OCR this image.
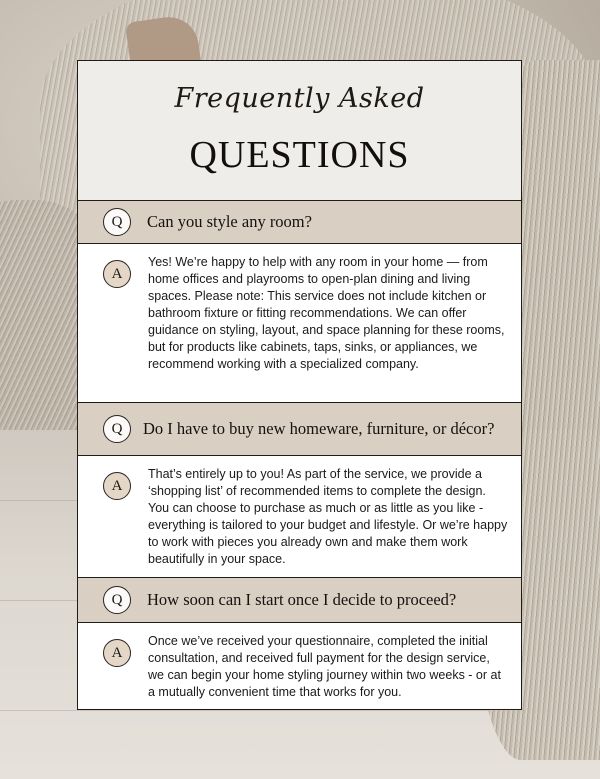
Frequently Asked
QUESTIONS
Q	Can you style any room?
A
Yes! We’re happy to help with any room in your home — from home offices and playrooms to open-plan dining and living spaces. Please note: This service does not include kitchen or bathroom fixture or fitting recommendations. We can offer guidance on styling, layout, and space planning for these rooms, but for products like cabinets, taps, sinks, or appliances, we recommend working with a specialized company.
Q	Do I have to buy new homeware, furniture, or décor?
A
That’s entirely up to you! As part of the service, we provide a ‘shopping list’ of recommended items to complete the design. You can choose to purchase as much or as little as you like - everything is tailored to your budget and lifestyle. Or we’re happy to work with pieces you already own and make them work beautifully in your space.
Q	How soon can I start once I decide to proceed?
A
Once we’ve received your questionnaire, completed the initial consultation, and received full payment for the design service, we can begin your home styling journey within two weeks - or at a mutually convenient time that works for you.
